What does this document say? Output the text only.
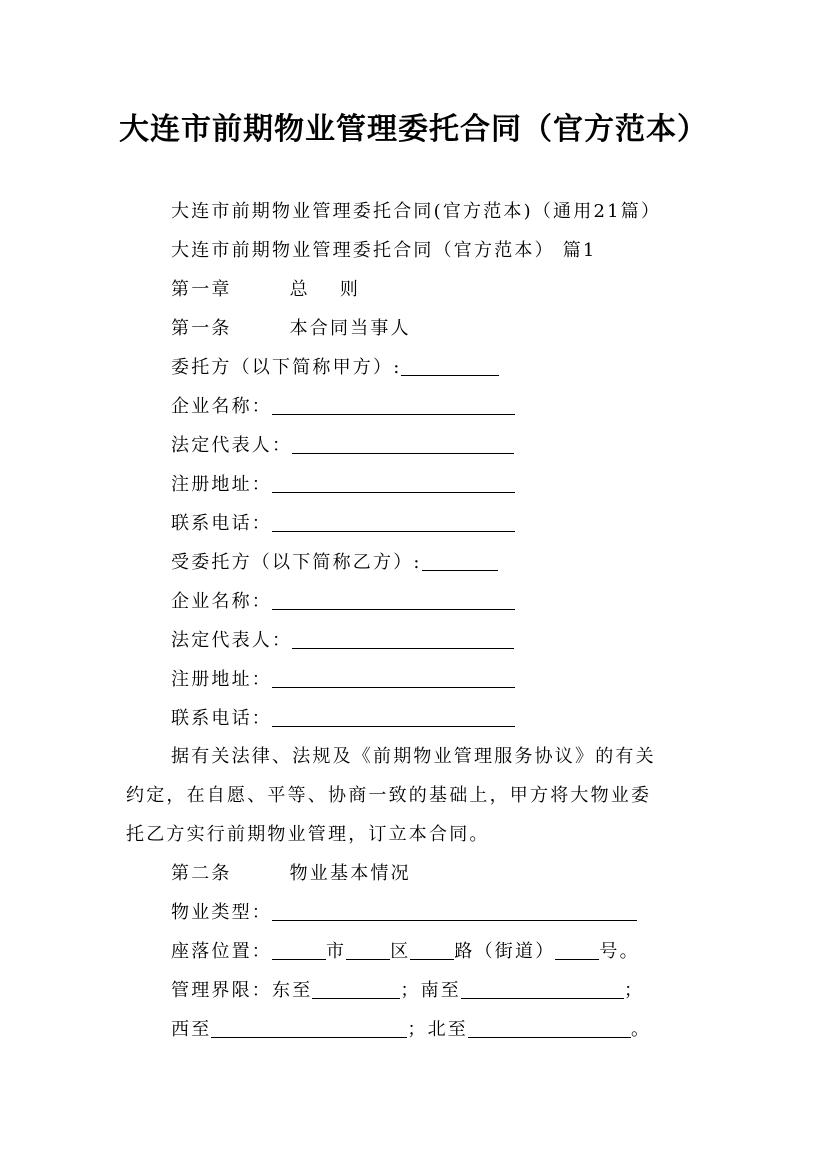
大连市前期物业管理委托合同（官方范本）
大连市前期物业管理委托合同(官方范本)（通用21篇）
大连市前期物业管理委托合同（官方范本） 篇1
第一章	总 则
第一条	本合同当事人
委托方（以下简称甲方）:
企业名称：
法定代表人：
注册地址：
联系电话：
受委托方（以下简称乙方）:
企业名称：
法定代表人：
注册地址：
联系电话：
据有关法律、法规及《前期物业管理服务协议》的有关
约定，在自愿、平等、协商一致的基础上，甲方将大物业委
托乙方实行前期物业管理，订立本合同。
第二条	物业基本情况
物业类型：
座落位置：	市 区 路（街道） 号。
管理界限：东至	；南至	；
西至	；北至	。
